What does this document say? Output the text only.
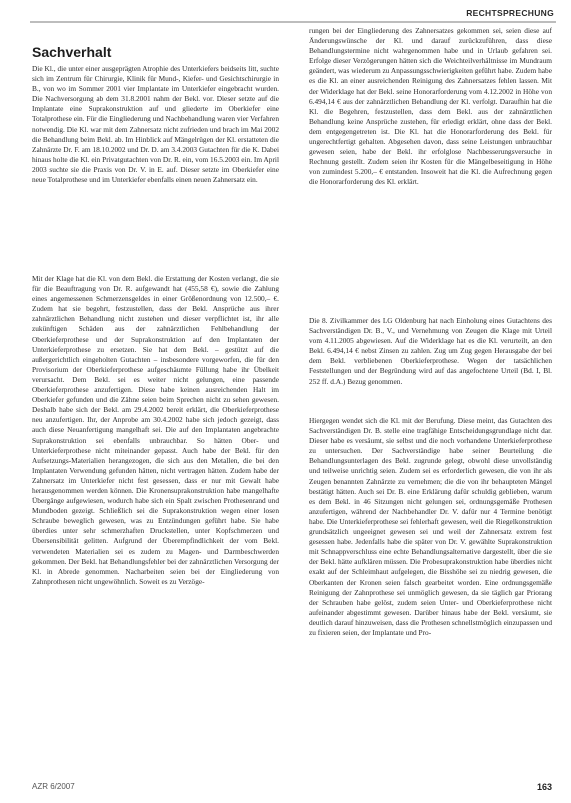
RECHTSPRECHUNG
Sachverhalt

Die Kl., die unter einer ausgeprägten Atrophie des Unterkiefers beidseits litt, suchte sich im Zentrum für Chirurgie, Klinik für Mund-, Kiefer- und Gesichtschirurgie in B., von wo im Sommer 2001 vier Implantate im Unterkiefer eingebracht wurden. Die Nachversorgung ab dem 31.8.2001 nahm der Bekl. vor. Dieser setzte auf die Implantate eine Suprakonstruktion auf und gliederte im Oberkiefer eine Totalprothese ein. Für die Eingliederung und Nachbehandlung waren vier Verfahren notwendig. Die Kl. war mit dem Zahnersatz nicht zufrieden und brach im Mai 2002 die Behandlung beim Bekl. ab. Im Hinblick auf Mängelrügen der Kl. erstatteten die Zahnärzte Dr. F. am 18.10.2002 und Dr. D. am 3.4.2003 Gutachten für die K. Dabei hinaus holte die Kl. ein Privatgutachten von Dr. R. ein, vom 16.5.2003 ein. Im April 2003 suchte sie die Praxis von Dr. V. in E. auf. Dieser setzte im Oberkiefer eine neue Totalprothese und im Unterkiefer ebenfalls einen neuen Zahnersatz ein.

Mit der Klage hat die Kl. von dem Bekl. die Erstattung der Kosten verlangt, die sie für die Beauftragung von Dr. R. aufgewandt hat (455,58 €), sowie die Zahlung eines angemessenen Schmerzensgeldes in einer Größenordnung von 12.500,– €. Zudem hat sie begehrt, festzustellen, dass der Bekl. Ansprüche aus ihrer zahnärztlichen Behandlung nicht zustehen und dieser verpflichtet ist, ihr alle zukünftigen Schäden aus der zahnärztlichen Fehlbehandlung der Oberkieferprothese und der Suprakonstruktion auf den Implantaten der Unterkieferprothese zu ersetzen. Sie hat dem Bekl. – gestützt auf die außergerichtlich eingeholten Gutachten – insbesondere vorgeworfen, die für den Provisorium der Oberkieferprothese aufgeschäumte Füllung habe ihr Übelkeit verursacht. Dem Bekl. sei es weiter nicht gelungen, eine passende Oberkieferprothese anzufertigen. Diese habe keinen ausreichenden Halt im Oberkiefer gefunden und die Zähne seien beim Sprechen nicht zu sehen gewesen. Deshalb habe sich der Bekl. am 29.4.2002 bereit erklärt, die Oberkieferprothese neu anzufertigen. Ihr, der Anprobe am 30.4.2002 habe sich jedoch gezeigt, dass auch diese Neuanfertigung mangelhaft sei. Die auf den Implantaten angebrachte Suprakonstruktion sei ebenfalls unbrauchbar. So hätten Ober- und Unterkieferprothese nicht miteinander gepasst. Auch habe der Bekl. für den Aufsetzungs-Materialien herangezogen, die sich aus den Metallen, die bei den Implantaten Verwendung gefunden hätten, nicht vertragen hätten. Zudem habe der Zahnersatz im Unterkiefer nicht fest gesessen, dass er nur mit Gewalt habe herausgenommen werden können. Die Kronensuprakonstruktion habe mangelhafte Übergänge aufgewiesen, wodurch habe sich ein Spalt zwischen Prothesenrand und Mundboden gezeigt. Schließlich sei die Suprakonstruktion wegen einer losen Schraube beweglich gewesen, was zu Entzündungen geführt habe. Sie habe überdies unter sehr schmerzhaften Druckstellen, unter Kopfschmerzen und Übersensibilität gelitten. Aufgrund der Überempfindlichkeit der vom Bekl. verwendeten Materialien sei es zudem zu Magen- und Darmbeschwerden gekommen. Der Bekl. hat Behandlungsfehler bei der zahnärztlichen Versorgung der Kl. in Abrede genommen. Nacharbeiten seien bei der Eingliederung von Zahnprothesen nicht ungewöhnlich. Soweit es zu Verzöge-

rungen bei der Eingliederung des Zahnersatzes gekommen sei, seien diese auf Änderungswünsche der Kl. und darauf zurückzuführen, dass diese Behandlungstermine nicht wahrgenommen habe und in Urlaub gefahren sei. Erfolge dieser Verzögerungen hätten sich die Weichteilverhältnisse im Mundraum geändert, was wiederum zu Anpassungsschwierigkeiten geführt habe. Zudem habe es die Kl. an einer ausreichenden Reinigung des Zahnersatzes fehlen lassen. Mit der Widerklage hat der Bekl. seine Honorarforderung vom 4.12.2002 in Höhe von 6.494,14 € aus der zahnärztlichen Behandlung der Kl. verfolgt. Daraufhin hat die Kl. die Begehren, festzustellen, dass dem Bekl. aus der zahnärztlichen Behandlung keine Ansprüche zustehen, für erledigt erklärt, ohne dass der Bekl. dem entgegengetreten ist. Die Kl. hat die Honorarforderung des Bekl. für ungerechtfertigt gehalten. Abgesehen davon, dass seine Leistungen unbrauchbar gewesen seien, habe der Bekl. ihr erfolglose Nachbesserungsversuche in Rechnung gestellt. Zudem seien ihr Kosten für die Mängelbeseitigung in Höhe von zumindest 5.200,– € entstanden. Insoweit hat die Kl. die Aufrechnung gegen die Honorarforderung des Kl. erklärt.

Die 8. Zivilkammer des LG Oldenburg hat nach Einholung eines Gutachtens des Sachverständigen Dr. B., V., und Vernehmung von Zeugen die Klage mit Urteil vom 4.11.2005 abgewiesen. Auf die Widerklage hat es die Kl. verurteilt, an den Bekl. 6.494,14 € nebst Zinsen zu zahlen. Zug um Zug gegen Herausgabe der bei dem Bekl. verbliebenen Oberkieferprothese. Wegen der tatsächlichen Feststellungen und der Begründung wird auf das angefochtene Urteil (Bd. I, Bl. 252 ff. d.A.) Bezug genommen.

Hiergegen wendet sich die Kl. mit der Berufung. Diese meint, das Gutachten des Sachverständigen Dr. B. stelle eine tragfähige Entscheidungsgrundlage nicht dar. Dieser habe es versäumt, sie selbst und die noch vorhandene Unterkieferprothese zu untersuchen. Der Sachverständige habe seiner Beurteilung die Behandlungsunterlagen des Bekl. zugrunde gelegt, obwohl diese unvollständig und teilweise unrichtig seien. Zudem sei es erforderlich gewesen, die von ihr als Zeugen benannten Zahnärzte zu vernehmen; die die von ihr behaupteten Mängel bestätigt hätten. Auch sei Dr. B. eine Erklärung dafür schuldig geblieben, warum es dem Bekl. in 46 Sitzungen nicht gelungen sei, ordnungsgemäße Prothesen anzufertigen, während der Nachbehandler Dr. V. dafür nur 4 Termine benötigt habe. Die Unterkieferprothese sei fehlerhaft gewesen, weil die Riegelkonstruktion grundsätzlich ungeeignet gewesen sei und weil der Zahnersatz extrem fest gesessen habe. Jedenfalls habe die später von Dr. V. gewählte Suprakonstruktion mit Schnappverschluss eine echte Behandlungsalternative dargestellt, über die sie der Bekl. hätte aufklären müssen. Die Probesuprakonstruktion habe überdies nicht exakt auf der Schleimhaut aufgelegen, die Bisshöhe sei zu niedrig gewesen, die Oberkanten der Kronen seien falsch gearbeitet worden. Eine ordnungsgemäße Reinigung der Zahnprothese sei unmöglich gewesen, da sie täglich gar Priorang der Schrauben habe gelöst, zudem seien Unter- und Oberkieferprothese nicht aufeinander abgestimmt gewesen. Darüber hinaus habe der Bekl. versäumt, sie deutlich darauf hinzuweisen, dass die Prothesen schnellstmöglich einzupassen und zu fixieren seien, der Implantate und Pro-

AZR 6/2007	163
